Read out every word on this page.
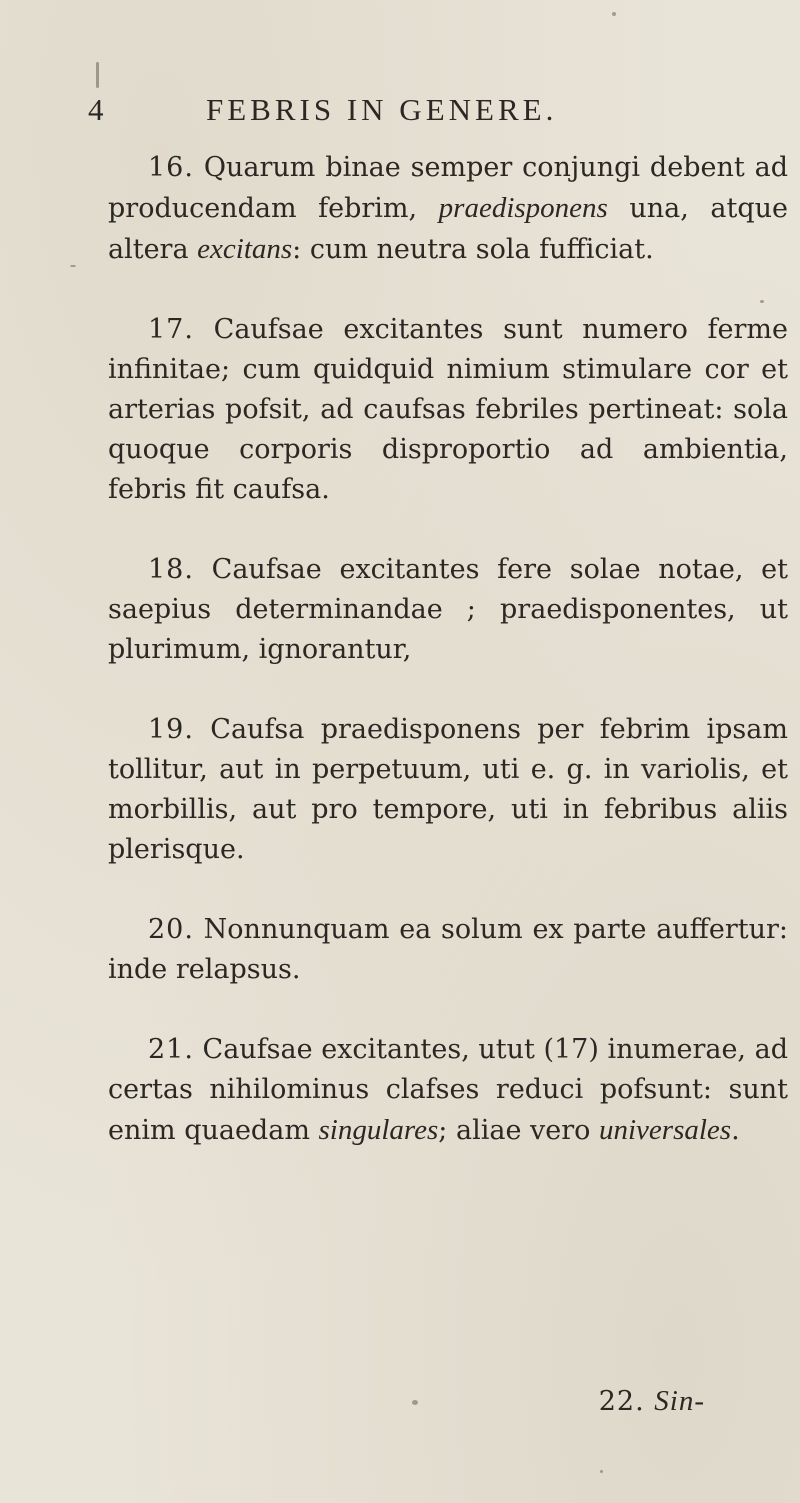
4	FEBRIS IN GENERE.

16. Quarum binae semper conjungi debent ad producendam febrim, praedisponens una, atque altera excitans: cum neutra sola fufficiat.

17. Caufsae excitantes sunt numero ferme infinitae; cum quidquid nimium stimulare cor et arterias pofsit, ad caufsas febriles pertineat: sola quoque corporis disproportio ad ambientia, febris fit caufsa.

18. Caufsae excitantes fere solae notae, et saepius determinandae ; praedisponentes, ut plurimum, ignorantur,

19. Caufsa praedisponens per febrim ipsam tollitur, aut in perpetuum, uti e. g. in variolis, et morbillis, aut pro tempore, uti in febribus aliis plerisque.

20. Nonnunquam ea solum ex parte auffertur: inde relapsus.

21. Caufsae excitantes, utut (17) inumerae, ad certas nihilominus clafses reduci pofsunt: sunt enim quaedam singulares; aliae vero universales.

22. Sin-
